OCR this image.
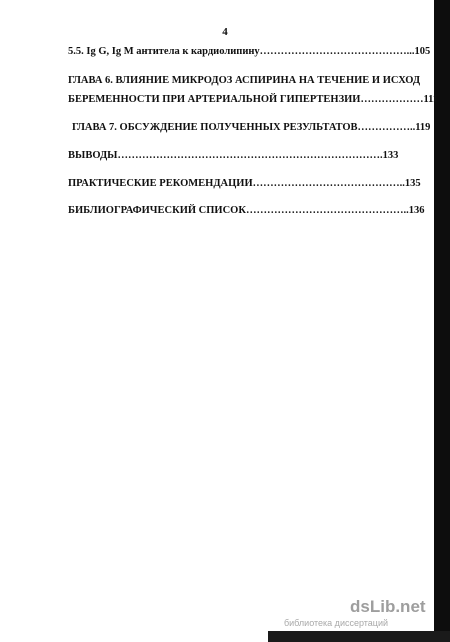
4
5.5. Ig G, Ig M антитела к кардиолипину……………………………………...105
ГЛАВА 6. ВЛИЯНИЕ МИКРОДОЗ АСПИРИНА НА ТЕЧЕНИЕ И ИСХОД
БЕРЕМЕННОСТИ ПРИ АРТЕРИАЛЬНОЙ ГИПЕРТЕНЗИИ………………111
ГЛАВА 7. ОБСУЖДЕНИЕ ПОЛУЧЕННЫХ РЕЗУЛЬТАТОВ……………..119
ВЫВОДЫ………………………………………………………………….133
ПРАКТИЧЕСКИЕ РЕКОМЕНДАЦИИ……………………………………..135
БИБЛИОГРАФИЧЕСКИЙ СПИСОК………………………………………..136
dsLib.net
библиотека диссертаций
